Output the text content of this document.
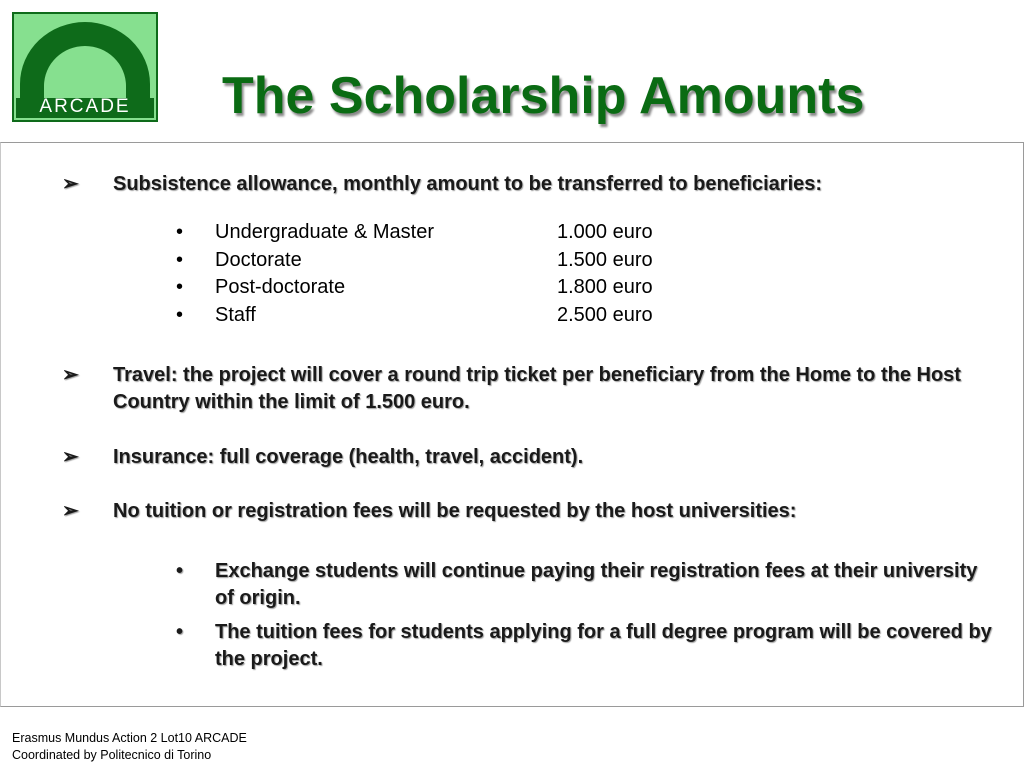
ARCADE	The Scholarship Amounts
➢ Subsistence allowance, monthly amount to be transferred to beneficiaries:
• Undergraduate & Master	1.000 euro
• Doctorate	1.500 euro
• Post-doctorate	1.800 euro
• Staff	2.500 euro
➢ Travel: the project will cover a round trip ticket per beneficiary from the Home to the Host Country within the limit of 1.500 euro.
➢ Insurance: full coverage (health, travel, accident).
➢ No tuition or registration fees will be requested by the host universities:
• Exchange students will continue paying their registration fees at their university of origin.
• The tuition fees for students applying for a full degree program will be covered by the project.
Erasmus Mundus Action 2 Lot10 ARCADE
Coordinated by Politecnico di Torino
